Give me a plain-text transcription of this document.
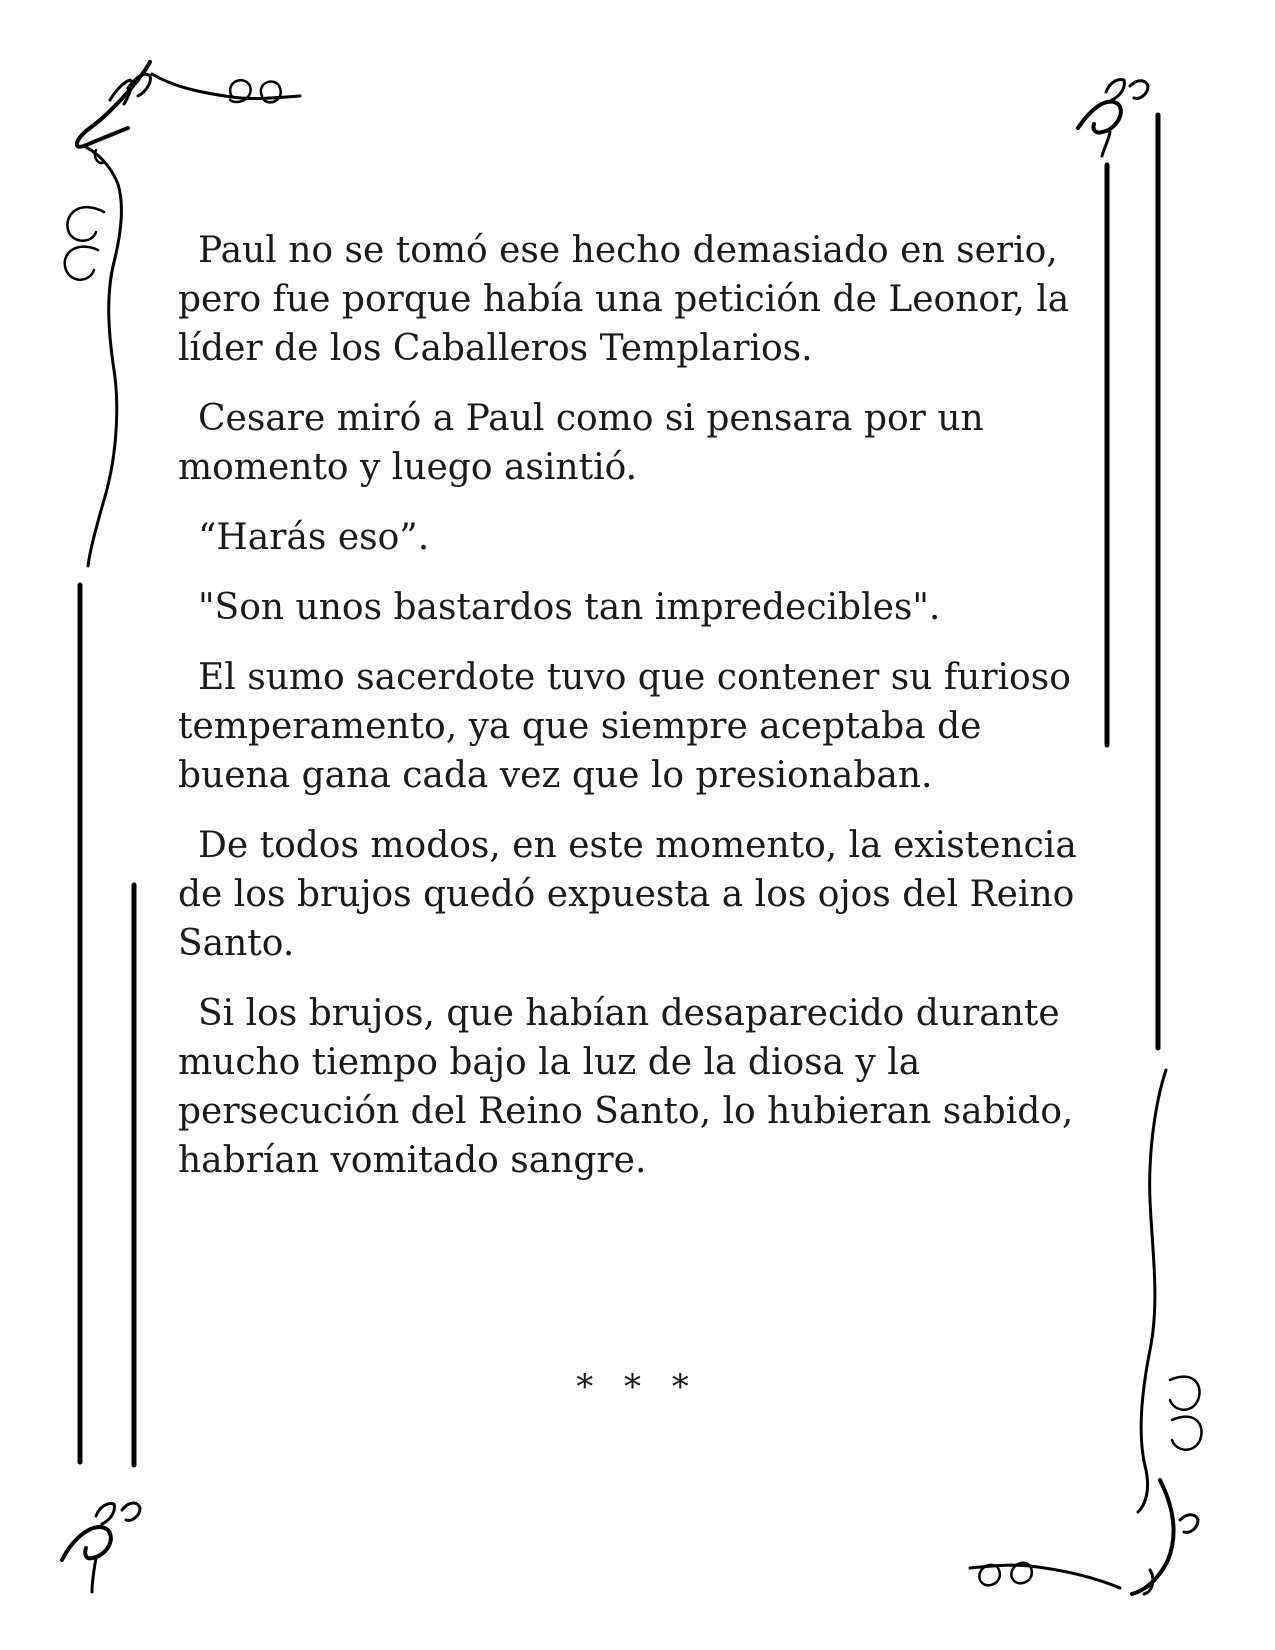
Paul no se tomó ese hecho demasiado en serio, pero fue porque había una petición de Leonor, la líder de los Caballeros Templarios.

Cesare miró a Paul como si pensara por un momento y luego asintió.

“Harás eso”.

"Son unos bastardos tan impredecibles".

El sumo sacerdote tuvo que contener su furioso temperamento, ya que siempre aceptaba de buena gana cada vez que lo presionaban.

De todos modos, en este momento, la existencia de los brujos quedó expuesta a los ojos del Reino Santo.

Si los brujos, que habían desaparecido durante mucho tiempo bajo la luz de la diosa y la persecución del Reino Santo, lo hubieran sabido, habrían vomitado sangre.

* * *
